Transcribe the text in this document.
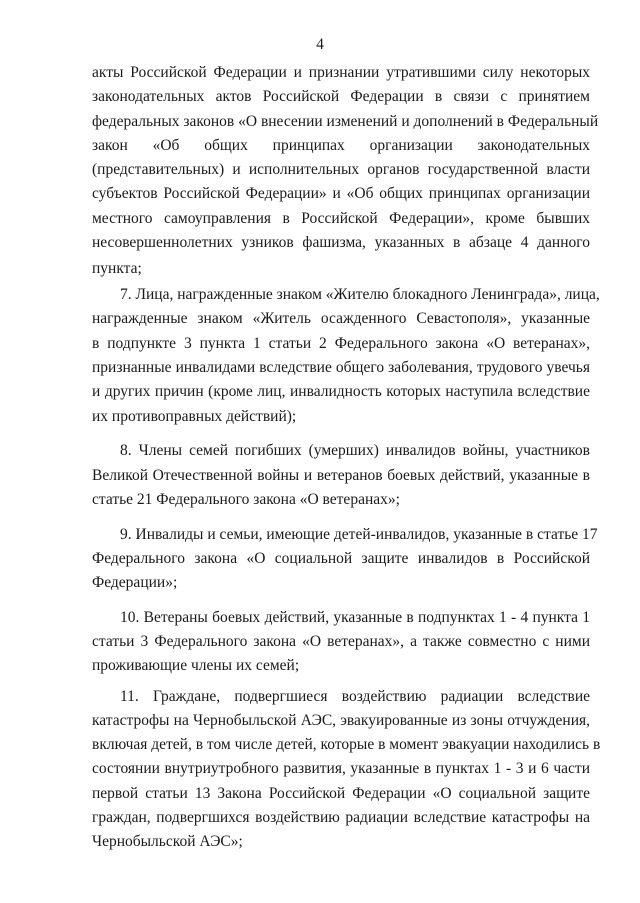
4
акты Российской Федерации и признании утратившими силу некоторых
законодательных актов Российской Федерации в связи с принятием
федеральных законов «О внесении изменений и дополнений в Федеральный
закон «Об общих принципах организации законодательных
(представительных) и исполнительных органов государственной власти
субъектов Российской Федерации» и «Об общих принципах организации
местного самоуправления в Российской Федерации», кроме бывших
несовершеннолетних узников фашизма, указанных в абзаце 4 данного
пункта;
7. Лица, награжденные знаком «Жителю блокадного Ленинграда», лица,
награжденные знаком «Житель осажденного Севастополя», указанные
в подпункте 3 пункта 1 статьи 2 Федерального закона «О ветеранах»,
признанные инвалидами вследствие общего заболевания, трудового увечья
и других причин (кроме лиц, инвалидность которых наступила вследствие
их противоправных действий);
8. Члены семей погибших (умерших) инвалидов войны, участников
Великой Отечественной войны и ветеранов боевых действий, указанные в
статье 21 Федерального закона «О ветеранах»;
9. Инвалиды и семьи, имеющие детей-инвалидов, указанные в статье 17
Федерального закона «О социальной защите инвалидов в Российской
Федерации»;
10. Ветераны боевых действий, указанные в подпунктах 1 - 4 пункта 1
статьи 3 Федерального закона «О ветеранах», а также совместно с ними
проживающие члены их семей;
11. Граждане, подвергшиеся воздействию радиации вследствие
катастрофы на Чернобыльской АЭС, эвакуированные из зоны отчуждения,
включая детей, в том числе детей, которые в момент эвакуации находились в
состоянии внутриутробного развития, указанные в пунктах 1 - 3 и 6 части
первой статьи 13 Закона Российской Федерации «О социальной защите
граждан, подвергшихся воздействию радиации вследствие катастрофы на
Чернобыльской АЭС»;
